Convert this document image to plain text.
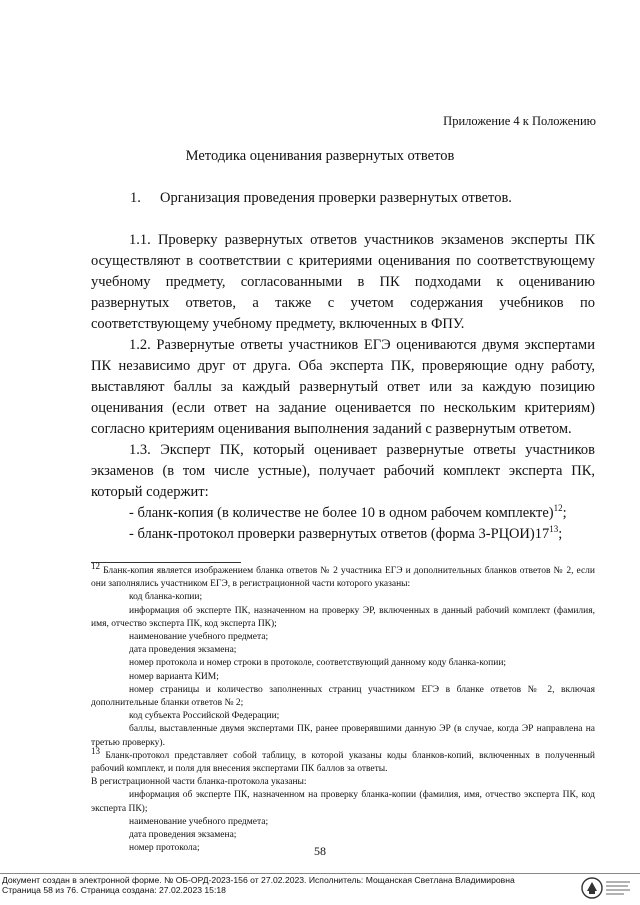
Приложение 4 к Положению
Методика оценивания развернутых ответов
1. Организация проведения проверки развернутых ответов.

1.1. Проверку развернутых ответов участников экзаменов эксперты ПК осуществляют в соответствии с критериями оценивания по соответствующему учебному предмету, согласованными в ПК подходами к оцениванию развернутых ответов, а также с учетом содержания учебников по соответствующему учебному предмету, включенных в ФПУ.

1.2. Развернутые ответы участников ЕГЭ оцениваются двумя экспертами ПК независимо друг от друга. Оба эксперта ПК, проверяющие одну работу, выставляют баллы за каждый развернутый ответ или за каждую позицию оценивания (если ответ на задание оценивается по нескольким критериям) согласно критериям оценивания выполнения заданий с развернутым ответом.

1.3. Эксперт ПК, который оценивает развернутые ответы участников экзаменов (в том числе устные), получает рабочий комплект эксперта ПК, который содержит:

- бланк-копия (в количестве не более 10 в одном рабочем комплекте)$^{12}$;

- бланк-протокол проверки развернутых ответов (форма $3-РЦОИ)17^{13}$;

$^{12}$ Бланк-копия является изображением бланка ответов № 2 участника ЕГЭ и дополнительных бланков ответов № 2, если они заполнялись участником ЕГЭ, в регистрационной части которого указаны:

код бланка-копии;

информация об эксперте ПК, назначенном на проверку ЭР, включенных в данный рабочий комплект (фамилия, имя, отчество эксперта ПК, код эксперта ПК);

наименование учебного предмета;

дата проведения экзамена;

номер протокола и номер строки в протоколе, соответствующий данному коду бланка-копии;

номер варианта КИМ;

номер страницы и количество заполненных страниц участником ЕГЭ в бланке ответов № 2, включая дополнительные бланки ответов № 2;

код субъекта Российской Федерации;

баллы, выставленные двумя экспертами ПК, ранее проверявшими данную ЭР (в случае, когда ЭР направлена на третью проверку).

$^{13}$ Бланк-протокол представляет собой таблицу, в которой указаны коды бланков-копий, включенных в полученный рабочий комплект, и поля для внесения экспертами ПК баллов за ответы.

В регистрационной части бланка-протокола указаны:

информация об эксперте ПК, назначенном на проверку бланка-копии (фамилия, имя, отчество эксперта ПК, код эксперта ПК);

наименование учебного предмета;

дата проведения экзамена;

номер протокола;	58
Документ создан в электронной форме. № ОБ-ОРД-2023-156 от 27.02.2023. Исполнитель: Мощанская Светлана Владимировна
Страница 58 из 76. Страница создана: 27.02.2023 15:18
